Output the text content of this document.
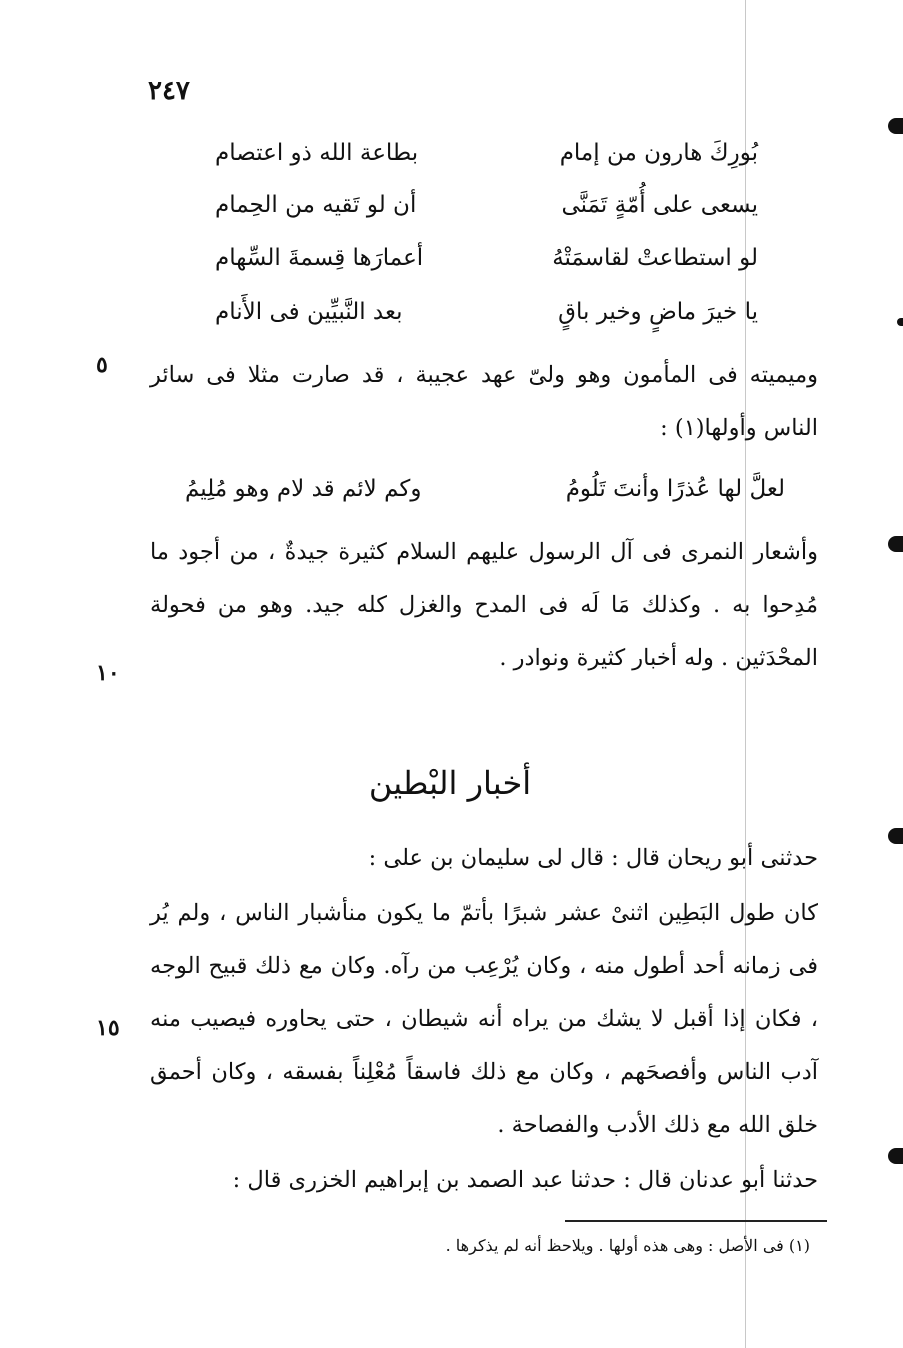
٢٤٧
بُورِكَ هارون من إمام
بطاعة الله ذو اعتصام
يسعى على أُمّةٍ تَمَنَّى
أن لو تَقيه من الحِمام
لو استطاعتْ لقاسمَتْهُ
أعمارَها قِسمةَ السِّهام
يا خيرَ ماضٍ وخير باقٍ
بعد النَّبيِّين فى الأَنام
٥ وميميته فى المأمون وهو ولىّ عهد عجيبة ، قد صارت مثلا فى سائر الناس وأولها(١) :

لعلَّ لها عُذرًا وأنتَ تَلُومُ
وكم لائم قد لام وهو مُلِيمُ

وأشعار النمرى فى آل الرسول عليهم السلام كثيرة جيدةٌ ، من أجود ما مُدِحوا به . وكذلك مَا لَه فى المدح والغزل كله جيد. وهو من فحولة المحْدَثين . وله أخبار كثيرة ونوادر .

١٠
أخبار البْطين

حدثنى أبو ريحان قال : قال لى سليمان بن على :

كان طول البَطِين اثنىْ عشر شبرًا بأتمّ ما يكون منأشبار الناس ، ولم يُر فى زمانه أحد أطول منه ، وكان يُرْعِب من رآه. وكان مع ذلك قبيح الوجه ، فكان إذا أقبل لا يشك من يراه أنه شيطان ، حتى يحاوره فيصيب منه آدب الناس وأفصحَهم ، وكان مع ذلك فاسقاً مُعْلِناً بفسقه ، وكان أحمق خلق الله مع ذلك الأدب والفصاحة .

١٥

حدثنا أبو عدنان قال : حدثنا عبد الصمد بن إبراهيم الخزرى قال :

(١) فى الأصل : وهى هذه أولها . ويلاحظ أنه لم يذكرها .
